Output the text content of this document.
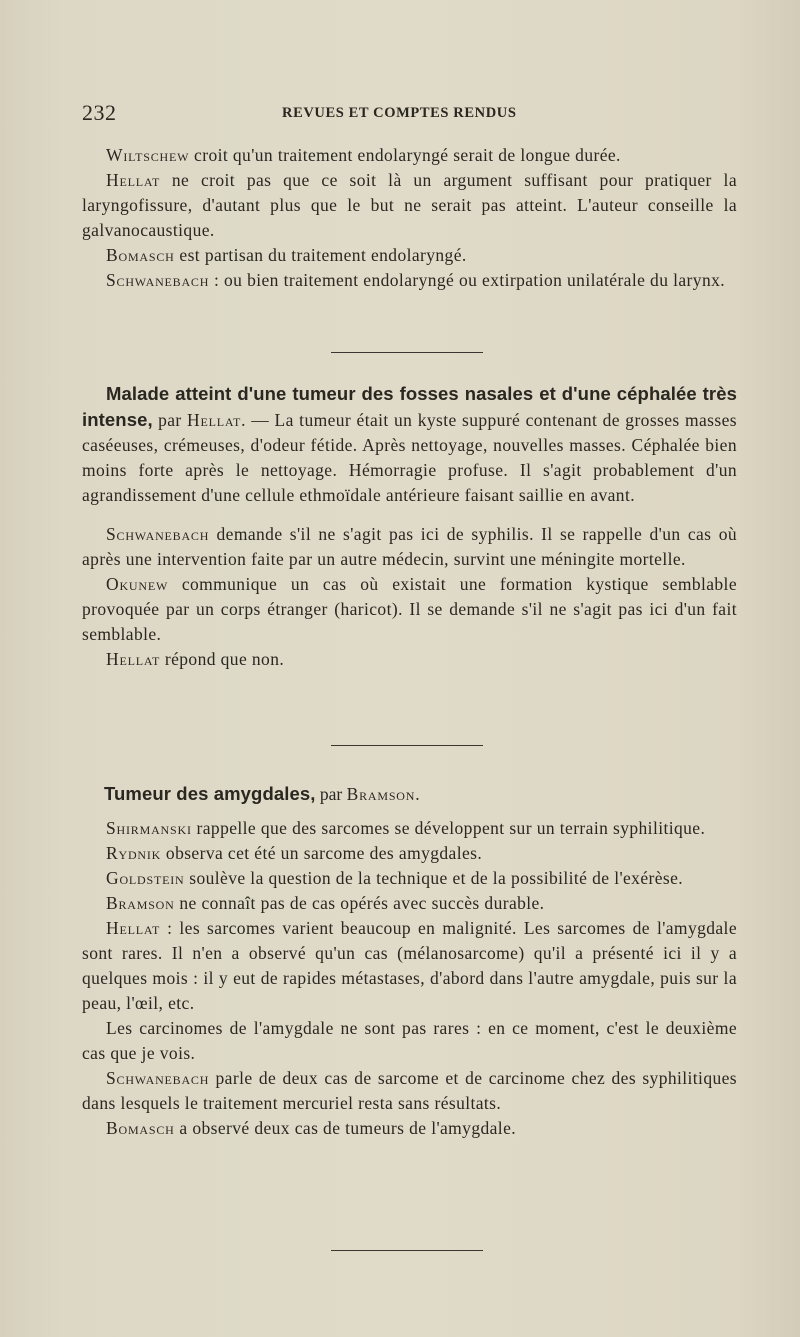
232	REVUES ET COMPTES RENDUS

Wiltschew croit qu'un traitement endolaryngé serait de longue durée.

Hellat ne croit pas que ce soit là un argument suffisant pour pratiquer la laryngofissure, d'autant plus que le but ne serait pas atteint. L'auteur conseille la galvanocaustique.

Bomasch est partisan du traitement endolaryngé.

Schwanebach : ou bien traitement endolaryngé ou extirpation unilatérale du larynx.

Malade atteint d'une tumeur des fosses nasales et d'une céphalée très intense, par Hellat. — La tumeur était un kyste suppuré contenant de grosses masses caséeuses, crémeuses, d'odeur fétide. Après nettoyage, nouvelles masses. Céphalée bien moins forte après le nettoyage. Hémorragie profuse. Il s'agit probablement d'un agrandissement d'une cellule ethmoïdale antérieure faisant saillie en avant.

Schwanebach demande s'il ne s'agit pas ici de syphilis. Il se rappelle d'un cas où après une intervention faite par un autre médecin, survint une méningite mortelle.

Okunew communique un cas où existait une formation kystique semblable provoquée par un corps étranger (haricot). Il se demande s'il ne s'agit pas ici d'un fait semblable.

Hellat répond que non.

Tumeur des amygdales, par Bramson.

Shirmanski rappelle que des sarcomes se développent sur un terrain syphilitique.

Rydnik observa cet été un sarcome des amygdales.

Goldstein soulève la question de la technique et de la possibilité de l'exérèse.

Bramson ne connaît pas de cas opérés avec succès durable.

Hellat : les sarcomes varient beaucoup en malignité. Les sarcomes de l'amygdale sont rares. Il n'en a observé qu'un cas (mélanosarcome) qu'il a présenté ici il y a quelques mois : il y eut de rapides métastases, d'abord dans l'autre amygdale, puis sur la peau, l'œil, etc.

Les carcinomes de l'amygdale ne sont pas rares : en ce moment, c'est le deuxième cas que je vois.

Schwanebach parle de deux cas de sarcome et de carcinome chez des syphilitiques dans lesquels le traitement mercuriel resta sans résultats.

Bomasch a observé deux cas de tumeurs de l'amygdale.
